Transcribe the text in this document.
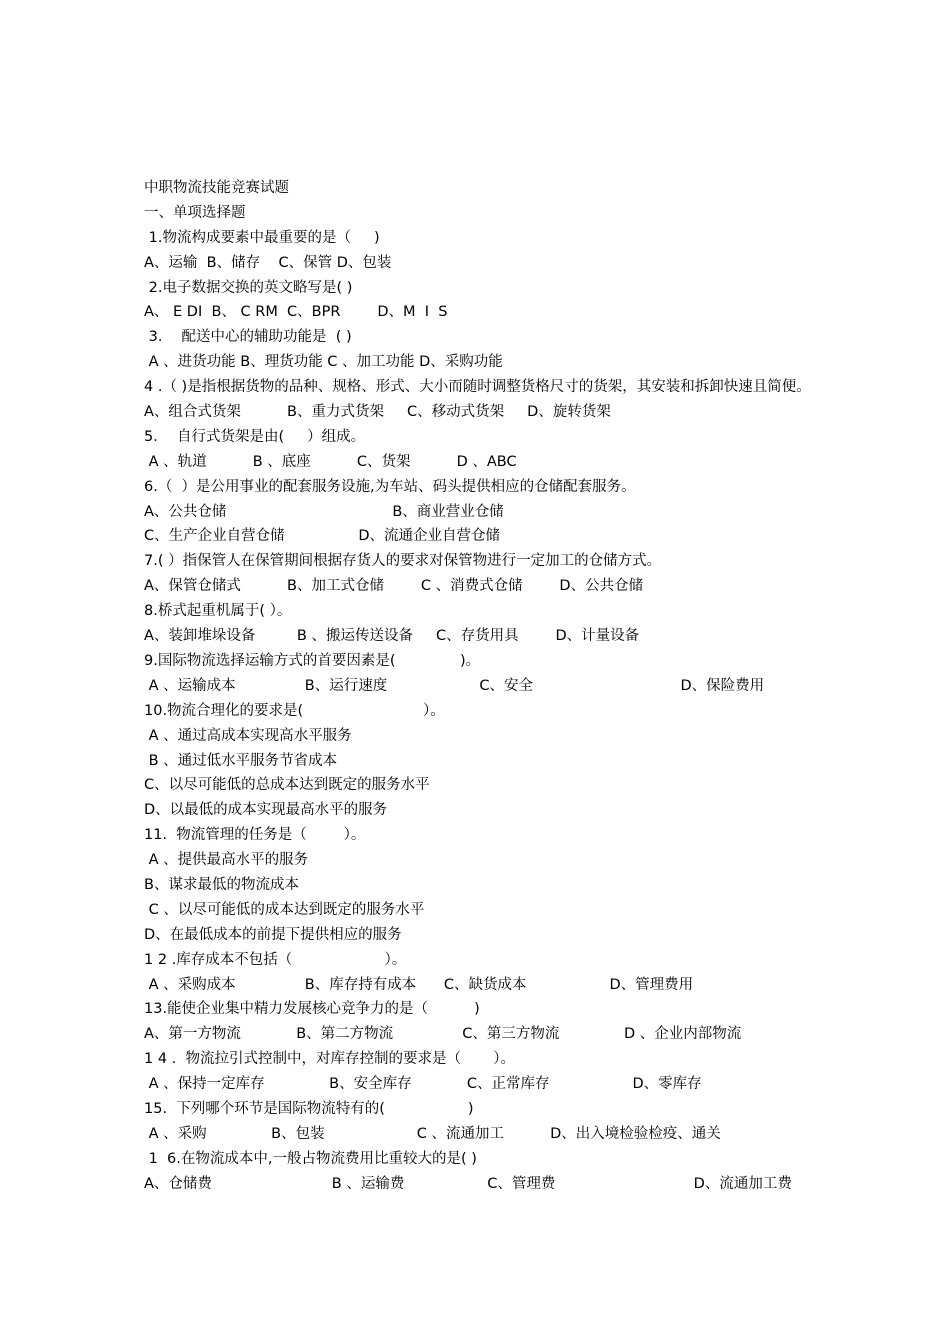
中职物流技能竞赛试题
一、单项选择题
1.物流构成要素中最重要的是（     )
A、运输  B、储存    C、保管 D、包装
2.电子数据交换的英文略写是( )
A、 E DI  B、 C RM  C、BPR        D、M  I  S
3．  配送中心的辅助功能是  ( )
A 、进货功能 B、理货功能 C 、加工功能 D、采购功能
4 .（ )是指根据货物的品种、规格、形式、大小而随时调整货格尺寸的货架，其安装和拆卸快速且简便。
A、组合式货架          B、重力式货架     C、移动式货架     D、旋转货架
5．  自行式货架是由(     ）组成。
A 、轨道          B 、底座          C、货架          D 、ABC
6.（  ）是公用事业的配套服务设施,为车站、码头提供相应的仓储配套服务。
A、公共仓储                                    B、商业营业仓储
C、生产企业自营仓储                D、流通企业自营仓储
7.( ）指保管人在保管期间根据存货人的要求对保管物进行一定加工的仓储方式。
A、保管仓储式          B、加工式仓储        C 、消费式仓储        D、公共仓储
8.桥式起重机属于( ）。
A、装卸堆垛设备         B 、搬运传送设备     C、存货用具        D、计量设备
9.国际物流选择运输方式的首要因素是(              )。
A 、运输成本               B、运行速度                    C、安全                                D、保险费用
10.物流合理化的要求是(                          ）。
A 、通过高成本实现高水平服务
B 、通过低水平服务节省成本
C、以尽可能低的总成本达到既定的服务水平
D、以最低的成本实现最高水平的服务
11.  物流管理的任务是（        ）。
A 、提供最高水平的服务
B、谋求最低的物流成本
C 、以尽可能低的成本达到既定的服务水平
D、在最低成本的前提下提供相应的服务
1 2 .库存成本不包括（                    ）。
A 、采购成本               B、库存持有成本      C、缺货成本                  D、管理费用
13.能使企业集中精力发展核心竞争力的是（          )
A、第一方物流            B、第二方物流               C、第三方物流              D 、企业内部物流
1 4 .  物流拉引式控制中，对库存控制的要求是（       ）。
A 、保持一定库存              B、安全库存            C、正常库存                  D、零库存
15.  下列哪个环节是国际物流特有的(                  )
A 、采购              B、包装                    C 、流通加工          D、出入境检验检疫、通关
1  6.在物流成本中,一般占物流费用比重较大的是( )
A、仓储费                          B 、运输费                  C、管理费                              D、流通加工费
